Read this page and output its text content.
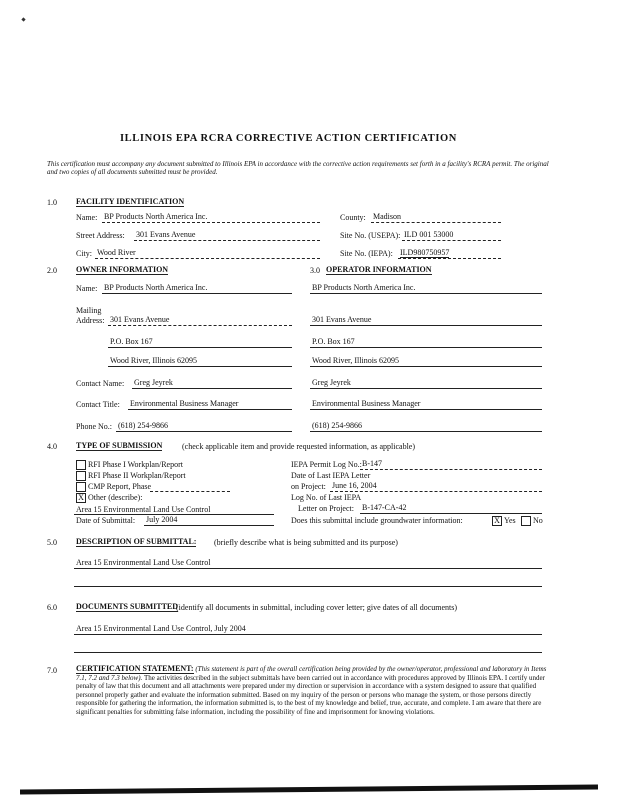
ILLINOIS EPA RCRA CORRECTIVE ACTION CERTIFICATION
This certification must accompany any document submitted to Illinois EPA in accordance with the corrective action requirements set forth in a facility's RCRA permit. The original and two copies of all documents submitted must be provided.
1.0 FACILITY IDENTIFICATION
Name: BP Products North America Inc.	County: Madison
Street Address: 301 Evans Avenue	Site No. (USEPA): ILD 001 53000
City: Wood River	Site No. (IEPA): ILD980750957
2.0 OWNER INFORMATION	3.0 OPERATOR INFORMATION
Name: BP Products North America Inc.	BP Products North America Inc.
Mailing
Address: 301 Evans Avenue	301 Evans Avenue
P.O. Box 167	P.O. Box 167
Wood River, Illinois 62095	Wood River, Illinois 62095
Contact Name: Greg Jeyrek	Greg Jeyrek
Contact Title: Environmental Business Manager	Environmental Business Manager
Phone No.: (618) 254-9866	(618) 254-9866
4.0 TYPE OF SUBMISSION (check applicable item and provide requested information, as applicable)
RFI Phase I Workplan/Report
RFI Phase II Workplan/Report
CMP Report, Phase
X Other (describe):
Area 15 Environmental Land Use Control
Date of Submittal: July 2004
IEPA Permit Log No.: B-147
Date of Last IEPA Letter
on Project: June 16, 2004
Log No. of Last IEPA
Letter on Project: B-147-CA-42
Does this submittal include groundwater information:	X Yes No
5.0 DESCRIPTION OF SUBMITTAL: (briefly describe what is being submitted and its purpose)
Area 15 Environmental Land Use Control
6.0 DOCUMENTS SUBMITTED
(identify all documents in submittal, including cover letter; give dates of all documents)
Area 15 Environmental Land Use Control, July 2004
7.0 CERTIFICATION STATEMENT: (This statement is part of the overall certification being provided by the owner/operator, professional and laboratory in Items 7.1, 7.2 and 7.3 below). The activities described in the subject submittals have been carried out in accordance with procedures approved by Illinois EPA. I certify under penalty of law that this document and all attachments were prepared under my direction or supervision in accordance with a system designed to assure that qualified personnel properly gather and evaluate the information submitted. Based on my inquiry of the person or persons who manage the system, or those persons directly responsible for gathering the information, the information submitted is, to the best of my knowledge and belief, true, accurate, and complete. I am aware that there are significant penalties for submitting false information, including the possibility of fine and imprisonment for knowing violations.
